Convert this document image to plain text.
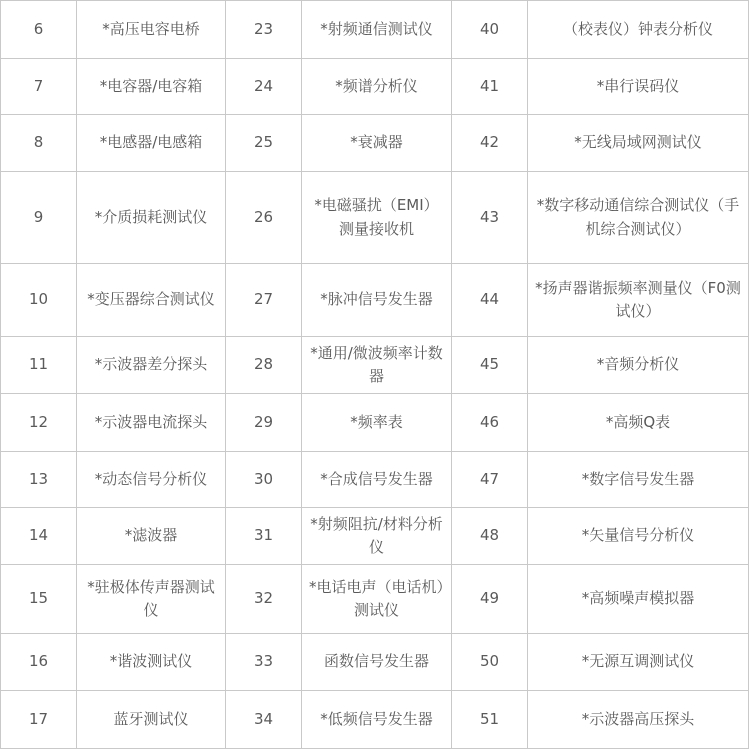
6	*高压电容电桥	23	*射频通信测试仪	40	（校表仪）钟表分析仪
7	*电容器/电容箱	24	*频谱分析仪	41	*串行误码仪
8	*电感器/电感箱	25	*衰减器	42	*无线局域网测试仪
9	*介质损耗测试仪	26	*电磁骚扰（EMI）测量接收机	43	*数字移动通信综合测试仪（手机综合测试仪）
10	*变压器综合测试仪	27	*脉冲信号发生器	44	*扬声器谐振频率测量仪（F0测试仪）
11	*示波器差分探头	28	*通用/微波频率计数器	45	*音频分析仪
12	*示波器电流探头	29	*频率表	46	*高频Q表
13	*动态信号分析仪	30	*合成信号发生器	47	*数字信号发生器
14	*滤波器	31	*射频阻抗/材料分析仪	48	*矢量信号分析仪
15	*驻极体传声器测试仪	32	*电话电声（电话机）测试仪	49	*高频噪声模拟器
16	*谐波测试仪	33	函数信号发生器	50	*无源互调测试仪
17	蓝牙测试仪	34	*低频信号发生器	51	*示波器高压探头
